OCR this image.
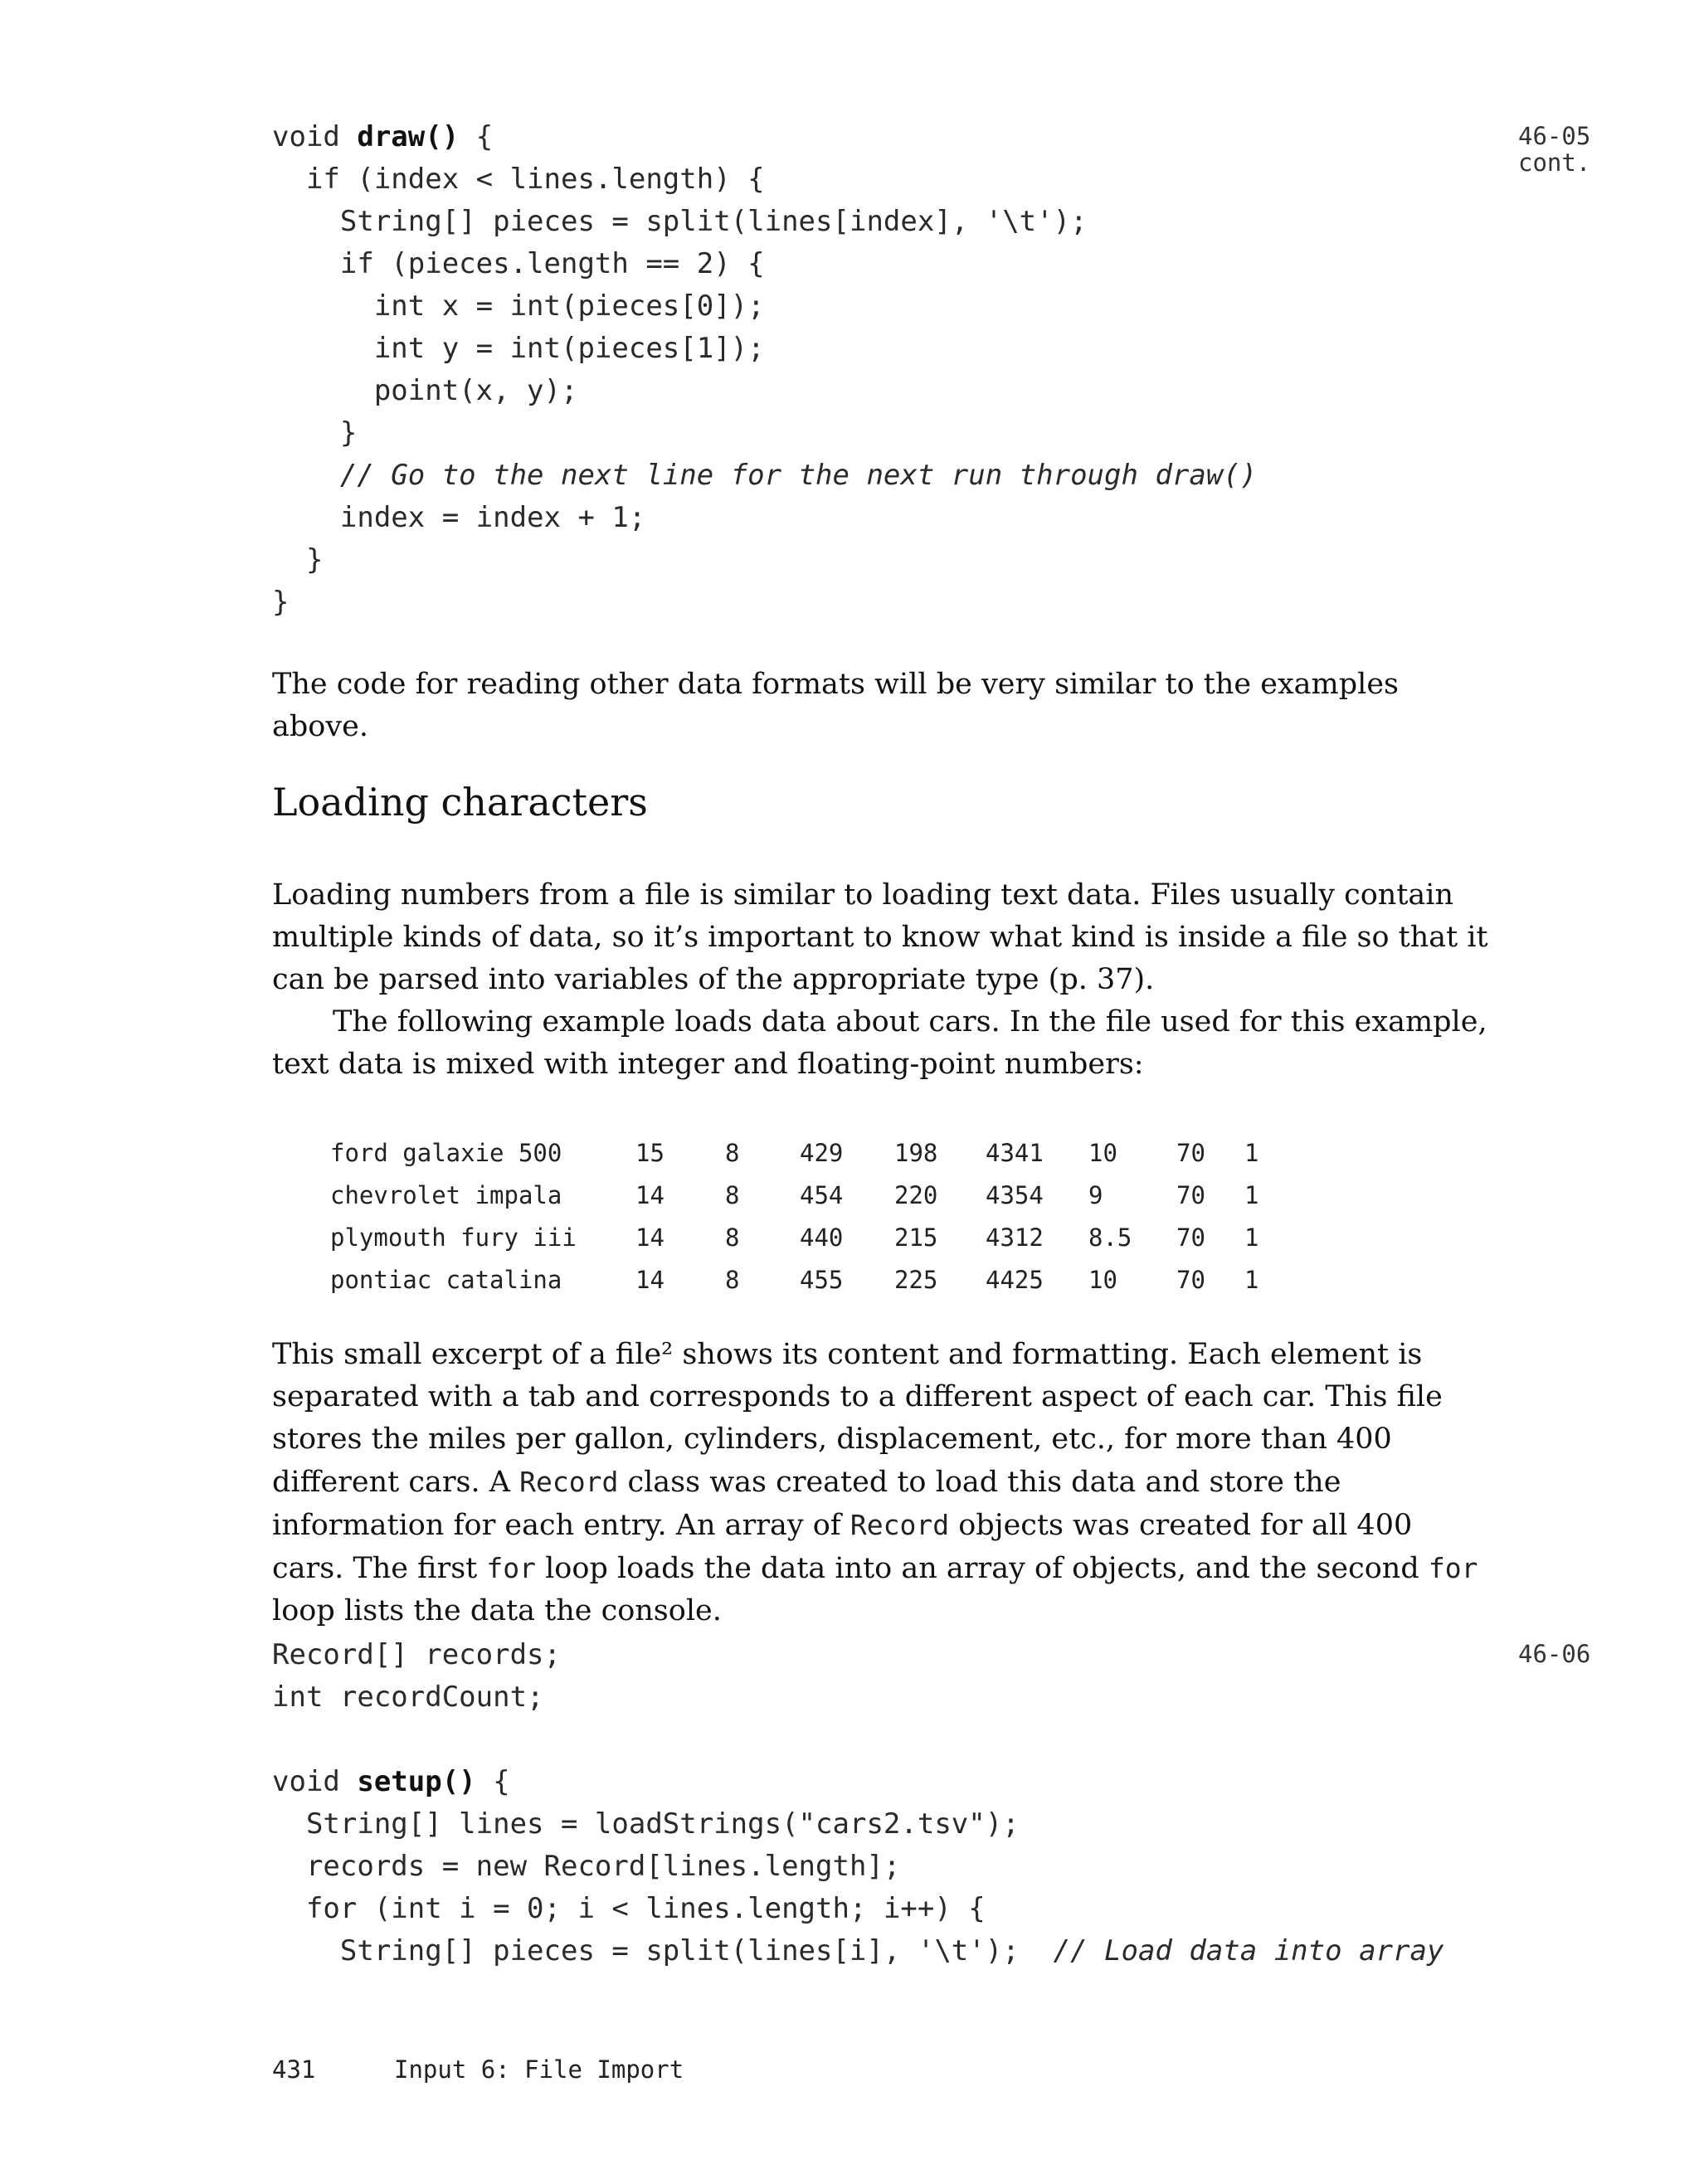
void draw() {
if (index < lines.length) {
String[] pieces = split(lines[index], '\t');
if (pieces.length == 2) {
int x = int(pieces[0]);
int y = int(pieces[1]);
point(x, y);
}
// Go to the next line for the next run through draw()
index = index + 1;
}
}
46-05
cont.

The code for reading other data formats will be very similar to the examples above.

Loading characters

Loading numbers from a file is similar to loading text data. Files usually contain multiple kinds of data, so it’s important to know what kind is inside a file so that it can be parsed into variables of the appropriate type (p. 37).

The following example loads data about cars. In the file used for this example, text data is mixed with integer and floating-point numbers:

ford galaxie 500	15	8	429	198	4341	10	70	1
chevrolet impala	14	8	454	220	4354	9	70	1
plymouth fury iii	14	8	440	215	4312	8.5	70	1
pontiac catalina	14	8	455	225	4425	10	70	1

This small excerpt of a file² shows its content and formatting. Each element is separated with a tab and corresponds to a different aspect of each car. This file stores the miles per gallon, cylinders, displacement, etc., for more than 400 different cars. A Record class was created to load this data and store the information for each entry. An array of Record objects was created for all 400 cars. The first for loop loads the data into an array of objects, and the second for loop lists the data the console.

Record[] records;
int recordCount;

void setup() {
String[] lines = loadStrings("cars2.tsv");
records = new Record[lines.length];
for (int i = 0; i < lines.length; i++) {
String[] pieces = split(lines[i], '\t');  // Load data into array
46-06
431	Input 6: File Import
